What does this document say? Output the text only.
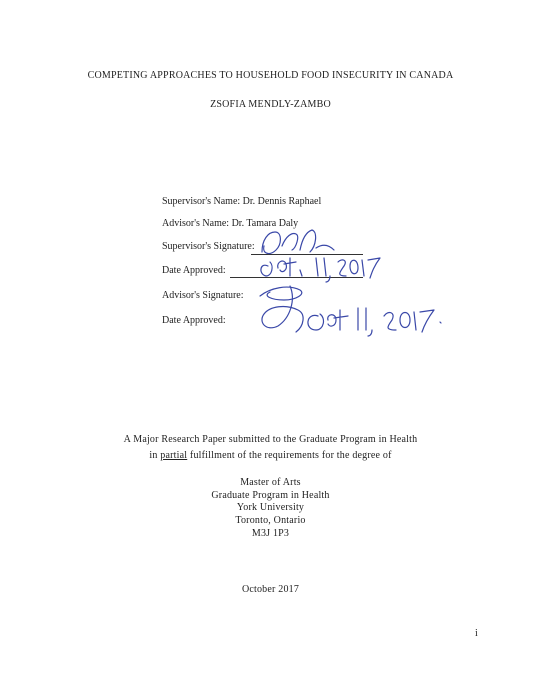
COMPETING APPROACHES TO HOUSEHOLD FOOD INSECURITY IN CANADA
ZSOFIA MENDLY-ZAMBO
Supervisor's Name: Dr. Dennis Raphael
Advisor's Name: Dr. Tamara Daly
Supervisor's Signature:
Date Approved:
Advisor's Signature:
Date Approved:
A Major Research Paper submitted to the Graduate Program in Health
in partial fulfillment of the requirements for the degree of
Master of Arts
Graduate Program in Health
York University
Toronto, Ontario
M3J 1P3
October 2017
i
